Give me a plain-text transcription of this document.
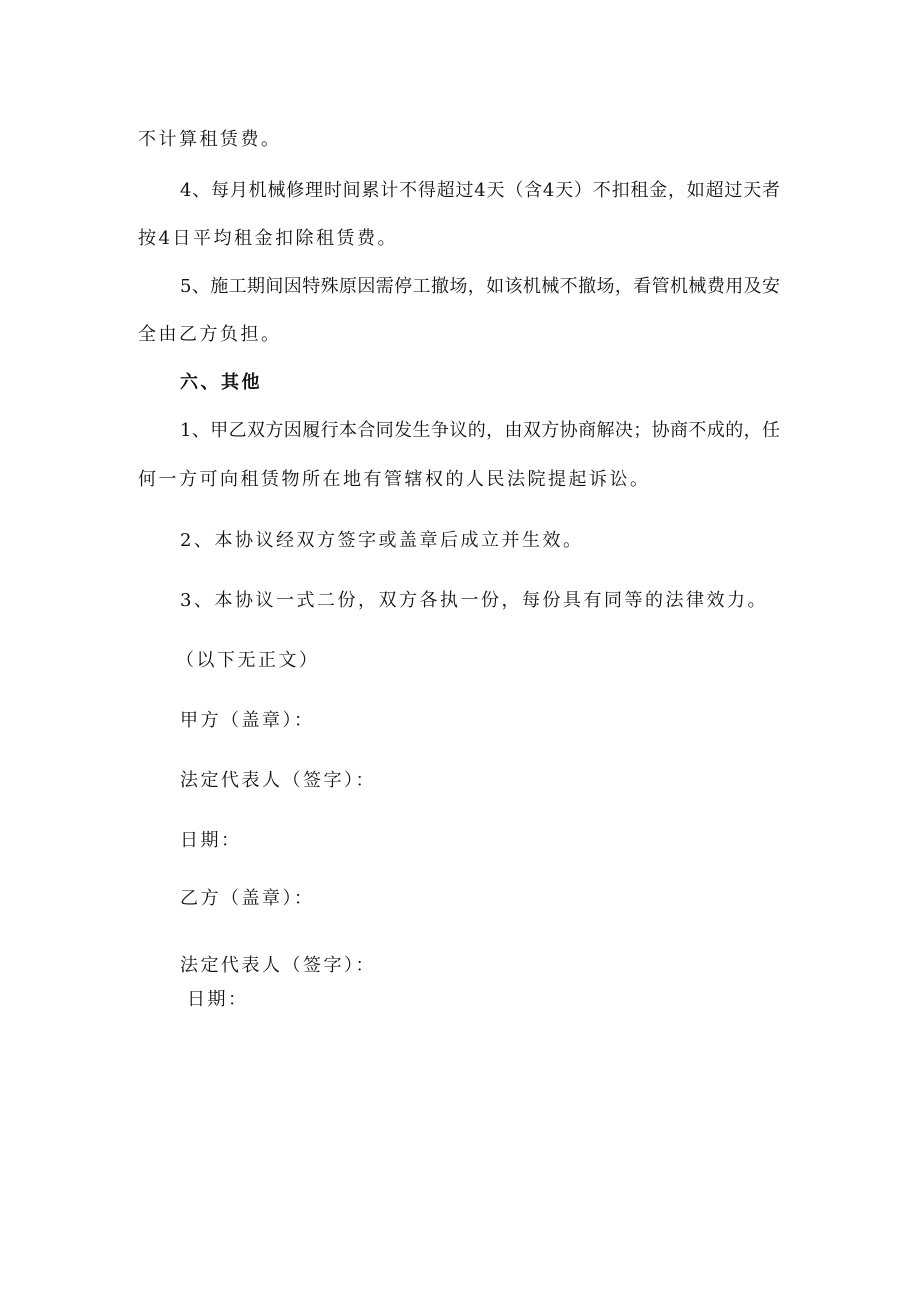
不计算租赁费。
4、每月机械修理时间累计不得超过4天（含4天）不扣租金，如超过天者
按4日平均租金扣除租赁费。
5、施工期间因特殊原因需停工撤场，如该机械不撤场，看管机械费用及安
全由乙方负担。
六、其他
1、甲乙双方因履行本合同发生争议的，由双方协商解决；协商不成的，任
何一方可向租赁物所在地有管辖权的人民法院提起诉讼。
2、本协议经双方签字或盖章后成立并生效。
3、本协议一式二份，双方各执一份，每份具有同等的法律效力。
（以下无正文）
甲方（盖章）：
法定代表人（签字）：
日期：
乙方（盖章）：
法定代表人（签字）：
日期：
